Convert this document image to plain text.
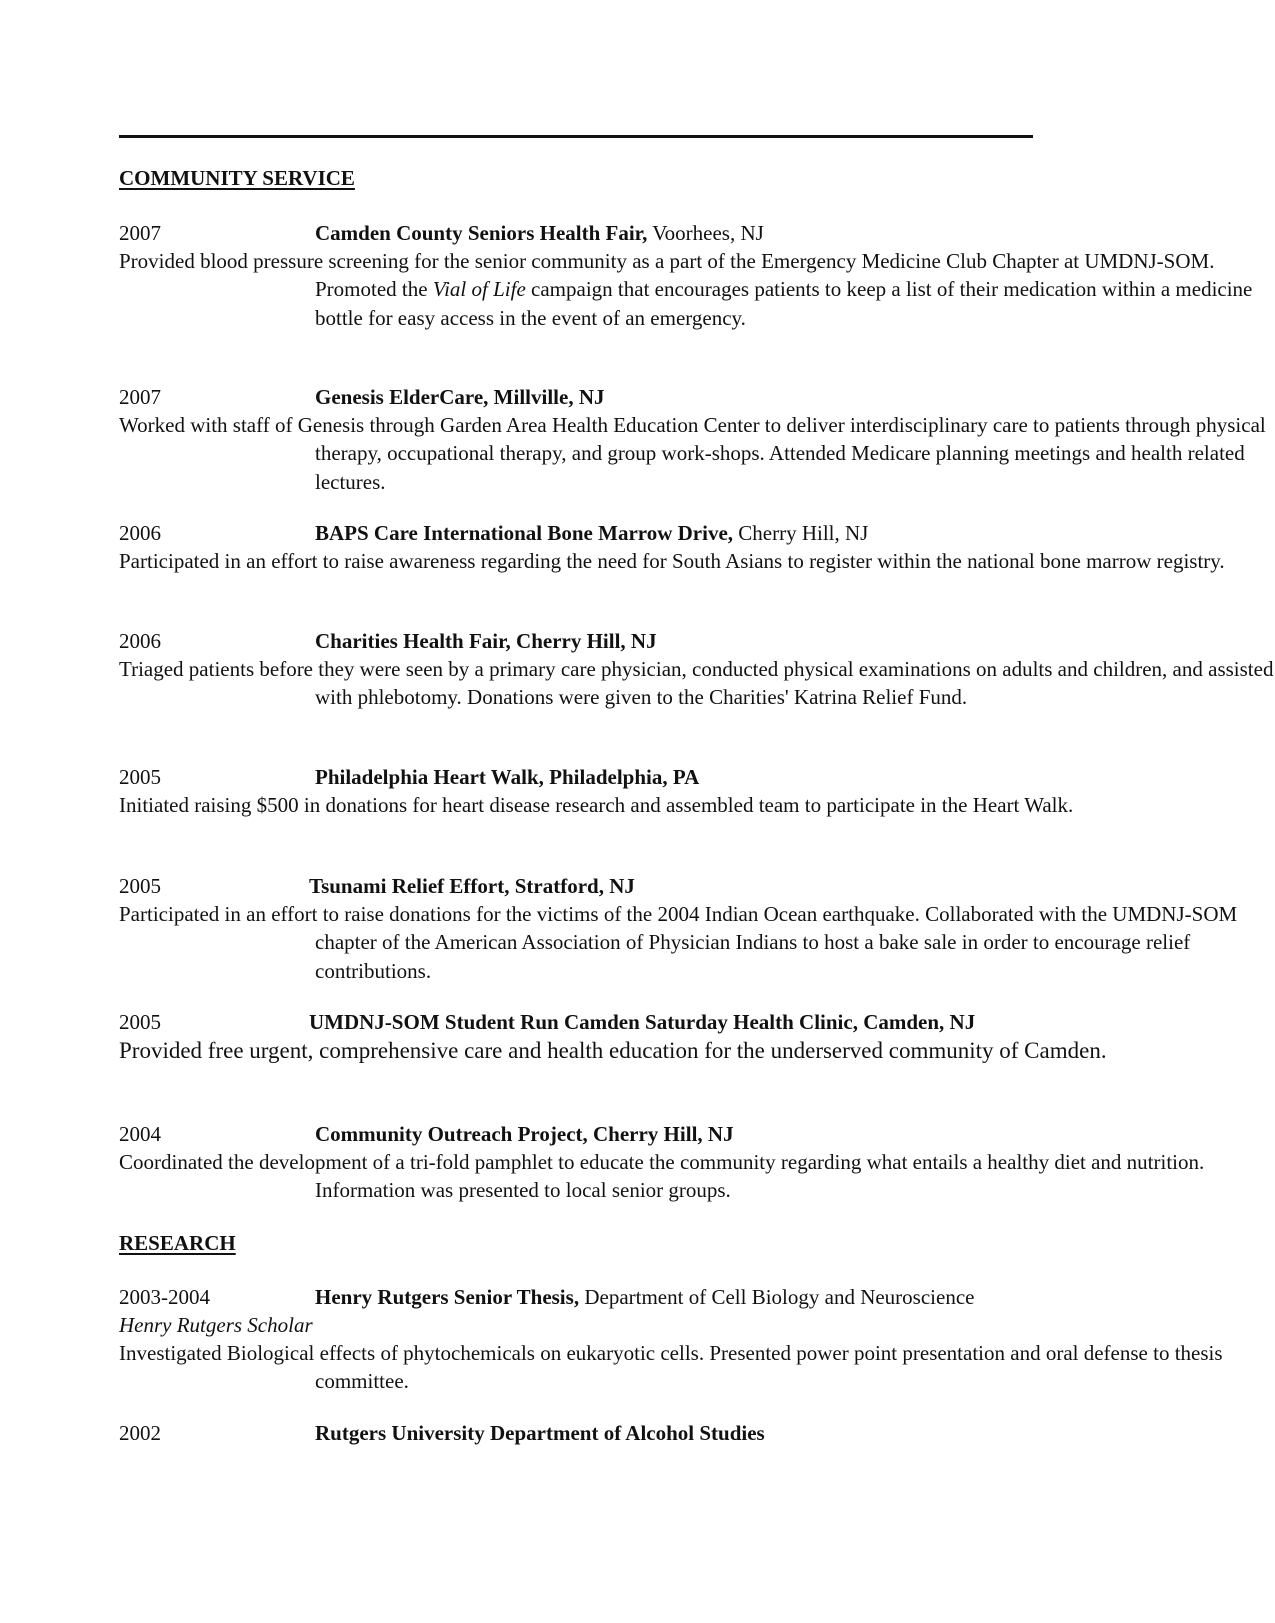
COMMUNITY SERVICE
2007	Camden County Seniors Health Fair, Voorhees, NJ

Provided blood pressure screening for the senior community as a part of the Emergency Medicine Club Chapter at UMDNJ-SOM. Promoted the Vial of Life campaign that encourages patients to keep a list of their medication within a medicine bottle for easy access in the event of an emergency.

2007	Genesis ElderCare, Millville, NJ

Worked with staff of Genesis through Garden Area Health Education Center to deliver interdisciplinary care to patients through physical therapy, occupational therapy, and group work-shops. Attended Medicare planning meetings and health related lectures.

2006	BAPS Care International Bone Marrow Drive, Cherry Hill, NJ

Participated in an effort to raise awareness regarding the need for South Asians to register within the national bone marrow registry.

2006	Charities Health Fair, Cherry Hill, NJ

Triaged patients before they were seen by a primary care physician, conducted physical examinations on adults and children, and assisted with phlebotomy. Donations were given to the Charities' Katrina Relief Fund.

2005	Philadelphia Heart Walk, Philadelphia, PA

Initiated raising $500 in donations for heart disease research and assembled team to participate in the Heart Walk.

2005	Tsunami Relief Effort, Stratford, NJ

Participated in an effort to raise donations for the victims of the 2004 Indian Ocean earthquake. Collaborated with the UMDNJ-SOM chapter of the American Association of Physician Indians to host a bake sale in order to encourage relief contributions.

2005	UMDNJ-SOM Student Run Camden Saturday Health Clinic, Camden, NJ

Provided free urgent, comprehensive care and health education for the underserved community of Camden.

2004	Community Outreach Project, Cherry Hill, NJ

Coordinated the development of a tri-fold pamphlet to educate the community regarding what entails a healthy diet and nutrition. Information was presented to local senior groups.

RESEARCH
2003-2004	Henry Rutgers Senior Thesis, Department of Cell Biology and Neuroscience
Henry Rutgers Scholar

Investigated Biological effects of phytochemicals on eukaryotic cells. Presented power point presentation and oral defense to thesis committee.

2002	Rutgers University Department of Alcohol Studies
